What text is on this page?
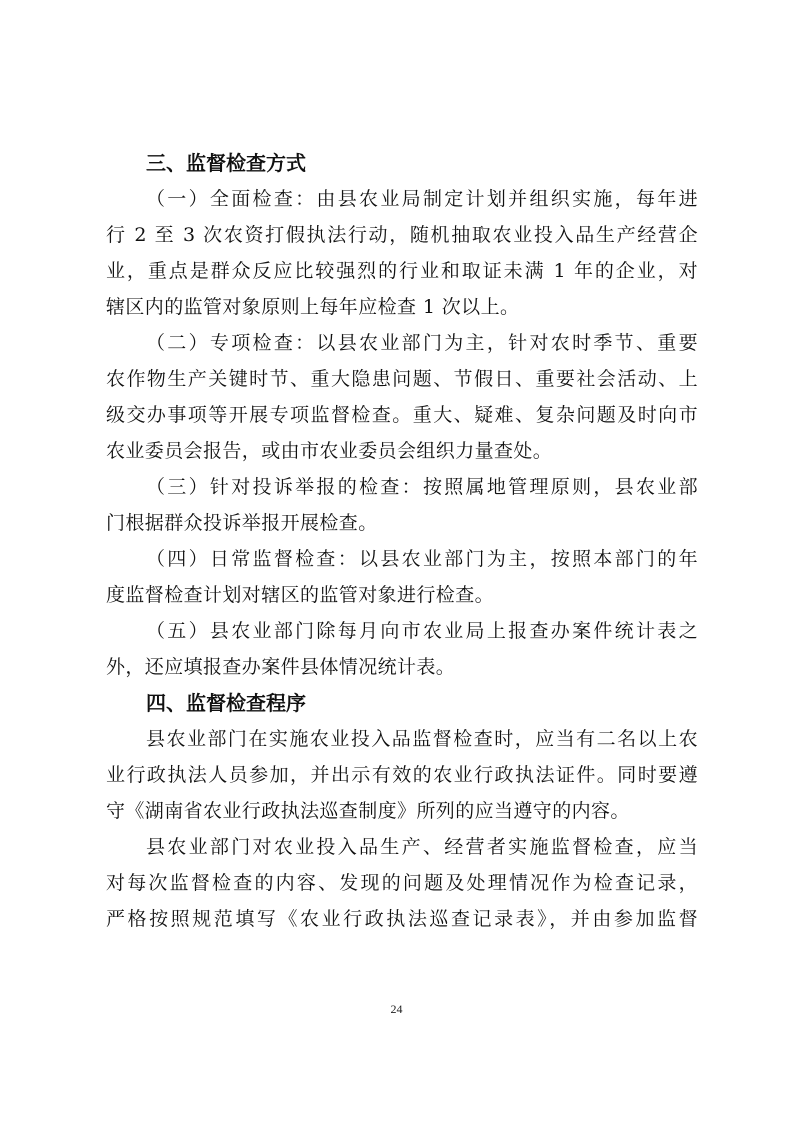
三、监督检查方式
（一）全面检查：由县农业局制定计划并组织实施，每年进
行 2 至 3 次农资打假执法行动，随机抽取农业投入品生产经营企
业，重点是群众反应比较强烈的行业和取证未满 1 年的企业，对
辖区内的监管对象原则上每年应检查 1 次以上。
（二）专项检查：以县农业部门为主，针对农时季节、重要
农作物生产关键时节、重大隐患问题、节假日、重要社会活动、上
级交办事项等开展专项监督检查。重大、疑难、复杂问题及时向市
农业委员会报告，或由市农业委员会组织力量查处。
（三）针对投诉举报的检查：按照属地管理原则，县农业部
门根据群众投诉举报开展检查。
（四）日常监督检查：以县农业部门为主，按照本部门的年
度监督检查计划对辖区的监管对象进行检查。
（五）县农业部门除每月向市农业局上报查办案件统计表之
外，还应填报查办案件县体情况统计表。
四、监督检查程序
县农业部门在实施农业投入品监督检查时，应当有二名以上农
业行政执法人员参加，并出示有效的农业行政执法证件。同时要遵
守《湖南省农业行政执法巡查制度》所列的应当遵守的内容。
县农业部门对农业投入品生产、经营者实施监督检查，应当
对每次监督检查的内容、发现的问题及处理情况作为检查记录，
严格按照规范填写《农业行政执法巡查记录表》，并由参加监督
24
